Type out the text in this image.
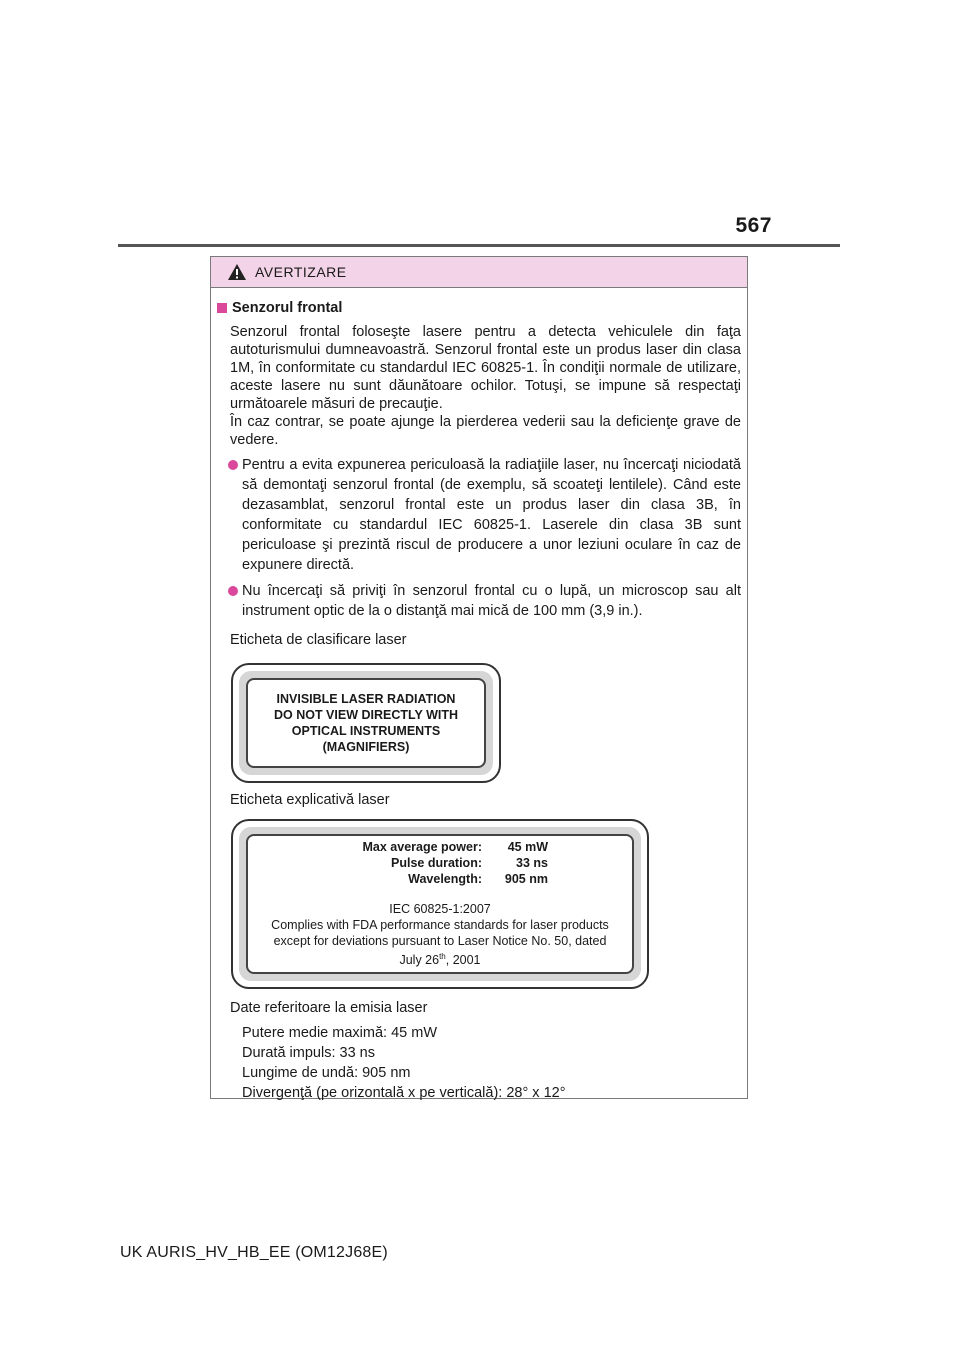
567
AVERTIZARE
Senzorul frontal
Senzorul frontal foloseşte lasere pentru a detecta vehiculele din faţa autoturismului dumneavoastră. Senzorul frontal este un produs laser din clasa 1M, în conformitate cu standardul IEC 60825-1. În condiţii normale de utilizare, aceste lasere nu sunt dăunătoare ochilor. Totuşi, se impune să respectaţi următoarele măsuri de precauţie.
În caz contrar, se poate ajunge la pierderea vederii sau la deficienţe grave de vedere.
Pentru a evita expunerea periculoasă la radiaţiile laser, nu încercaţi niciodată să demontaţi senzorul frontal (de exemplu, să scoateţi lentilele). Când este dezasamblat, senzorul frontal este un produs laser din clasa 3B, în conformitate cu standardul IEC 60825-1. Laserele din clasa 3B sunt periculoase şi prezintă riscul de producere a unor leziuni oculare în caz de expunere directă.
Nu încercaţi să priviţi în senzorul frontal cu o lupă, un microscop sau alt instrument optic de la o distanţă mai mică de 100 mm (3,9 in.).
Eticheta de clasificare laser
INVISIBLE LASER RADIATION
DO NOT VIEW DIRECTLY WITH
OPTICAL INSTRUMENTS
(MAGNIFIERS)
Eticheta explicativă laser
Max average power:	45 mW
Pulse duration:	33 ns
Wavelength:	905 nm
IEC 60825-1:2007
Complies with FDA performance standards for laser products
except for deviations pursuant to Laser Notice No. 50, dated
July 26th, 2001
Date referitoare la emisia laser
Putere medie maximă: 45 mW
Durată impuls: 33 ns
Lungime de undă: 905 nm
Divergenţă (pe orizontală x pe verticală): 28° x 12°
UK AURIS_HV_HB_EE (OM12J68E)
